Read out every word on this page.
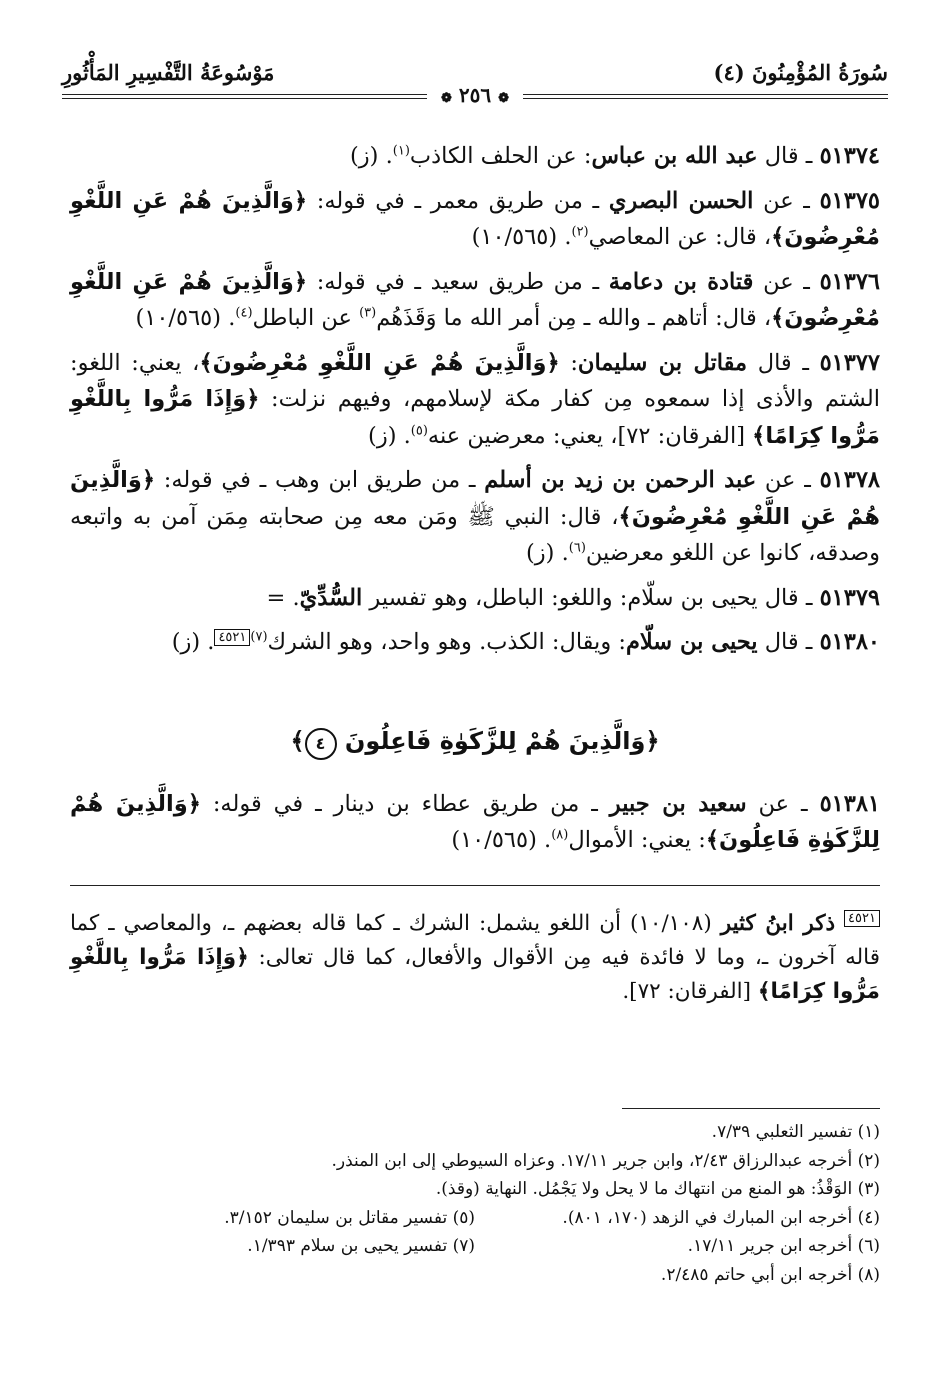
سُورَةُ المُؤْمِنُونَ (٤)
مَوْسُوعَةُ التَّفْسِيرِ المَأْثُورِ
❁ ٢٥٦ ❁

٥١٣٧٤ ـ قال عبد الله بن عباس: عن الحلف الكاذب$^{(١)}$. (ز)

٥١٣٧٥ ـ عن الحسن البصري ـ من طريق معمر ـ في قوله: ﴿وَالَّذِينَ هُمْ عَنِ اللَّغْوِ مُعْرِضُونَ﴾، قال: عن المعاصي$^{(٢)}$. (١٠/٥٦٥)

٥١٣٧٦ ـ عن قتادة بن دعامة ـ من طريق سعيد ـ في قوله: ﴿وَالَّذِينَ هُمْ عَنِ اللَّغْوِ مُعْرِضُونَ﴾، قال: أتاهم ـ والله ـ مِن أمر الله ما وَقَذَهُم$^{(٣)}$ عن الباطل$^{(٤)}$. (١٠/٥٦٥)

٥١٣٧٧ ـ قال مقاتل بن سليمان: ﴿وَالَّذِينَ هُمْ عَنِ اللَّغْوِ مُعْرِضُونَ﴾، يعني: اللغو: الشتم والأذى إذا سمعوه مِن كفار مكة لإسلامهم، وفيهم نزلت: ﴿وَإِذَا مَرُّوا بِاللَّغْوِ مَرُّوا كِرَامًا﴾ [الفرقان: ٧٢]، يعني: معرضين عنه$^{(٥)}$. (ز)

٥١٣٧٨ ـ عن عبد الرحمن بن زيد بن أسلم ـ من طريق ابن وهب ـ في قوله: ﴿وَالَّذِينَ هُمْ عَنِ اللَّغْوِ مُعْرِضُونَ﴾، قال: النبي ﷺ ومَن معه مِن صحابته مِمَن آمن به واتبعه وصدقه، كانوا عن اللغو معرضين$^{(٦)}$. (ز)

٥١٣٧٩ ـ قال يحيى بن سلّام: واللغو: الباطل، وهو تفسير السُّدِّيّ. =

٥١٣٨٠ ـ قال يحيى بن سلّام: ويقال: الكذب. وهو واحد، وهو الشرك$^{(٧)}$٤٥٢١. (ز)

﴿وَالَّذِينَ هُمْ لِلزَّكَوٰةِ فَاعِلُونَ ٤﴾

٥١٣٨١ ـ عن سعيد بن جبير ـ من طريق عطاء بن دينار ـ في قوله: ﴿وَالَّذِينَ هُمْ لِلزَّكَوٰةِ فَاعِلُونَ﴾: يعني: الأموال$^{(٨)}$. (١٠/٥٦٥)

٤٥٢١ ذكر ابنُ كثير (١٠/١٠٨) أن اللغو يشمل: الشرك ـ كما قاله بعضهم ـ، والمعاصي ـ كما قاله آخرون ـ، وما لا فائدة فيه مِن الأقوال والأفعال، كما قال تعالى: ﴿وَإِذَا مَرُّوا بِاللَّغْوِ مَرُّوا كِرَامًا﴾ [الفرقان: ٧٢].

(١) تفسير الثعلبي ٧/٣٩.
(٢) أخرجه عبدالرزاق ٢/٤٣، وابن جرير ١٧/١١. وعزاه السيوطي إلى ابن المنذر.
(٣) الوَقْذُ: هو المنع من انتهاك ما لا يحل ولا يَجْمُل. النهاية (وقذ).
(٤) أخرجه ابن المبارك في الزهد (١٧٠، ٨٠١).
(٥) تفسير مقاتل بن سليمان ٣/١٥٢.
(٦) أخرجه ابن جرير ١٧/١١.
(٧) تفسير يحيى بن سلام ١/٣٩٣.
(٨) أخرجه ابن أبي حاتم ٢/٤٨٥.
